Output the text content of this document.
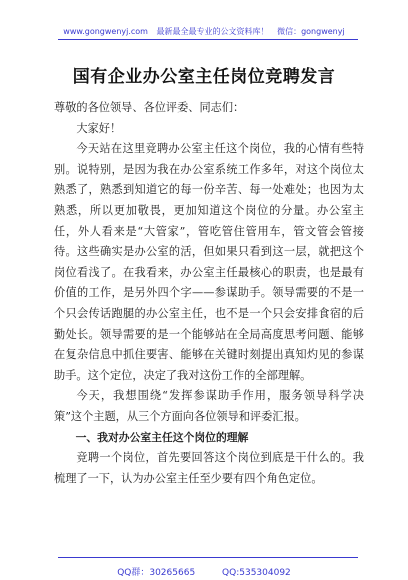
www.gongwenyj.com 最新最全最专业的公文资料库！ 微信：gongwenyj
国有企业办公室主任岗位竞聘发言

尊敬的各位领导、各位评委、同志们：

大家好！

今天站在这里竞聘办公室主任这个岗位，我的心情有些特别。说特别，是因为我在办公室系统工作多年，对这个岗位太熟悉了，熟悉到知道它的每一份辛苦、每一处难处；也因为太熟悉，所以更加敬畏，更加知道这个岗位的分量。办公室主任，外人看来是“大管家”，管吃管住管用车，管文管会管接待。这些确实是办公室的活，但如果只看到这一层，就把这个岗位看浅了。在我看来，办公室主任最核心的职责，也是最有价值的工作，是另外四个字——参谋助手。领导需要的不是一个只会传话跑腿的办公室主任，也不是一个只会安排食宿的后勤处长。领导需要的是一个能够站在全局高度思考问题、能够在复杂信息中抓住要害、能够在关键时刻提出真知灼见的参谋助手。这个定位，决定了我对这份工作的全部理解。

今天，我想围绕“发挥参谋助手作用，服务领导科学决策”这个主题，从三个方面向各位领导和评委汇报。

一、我对办公室主任这个岗位的理解

竞聘一个岗位，首先要回答这个岗位到底是干什么的。我梳理了一下，认为办公室主任至少要有四个角色定位。

QQ群：30265665	QQ:535304092
